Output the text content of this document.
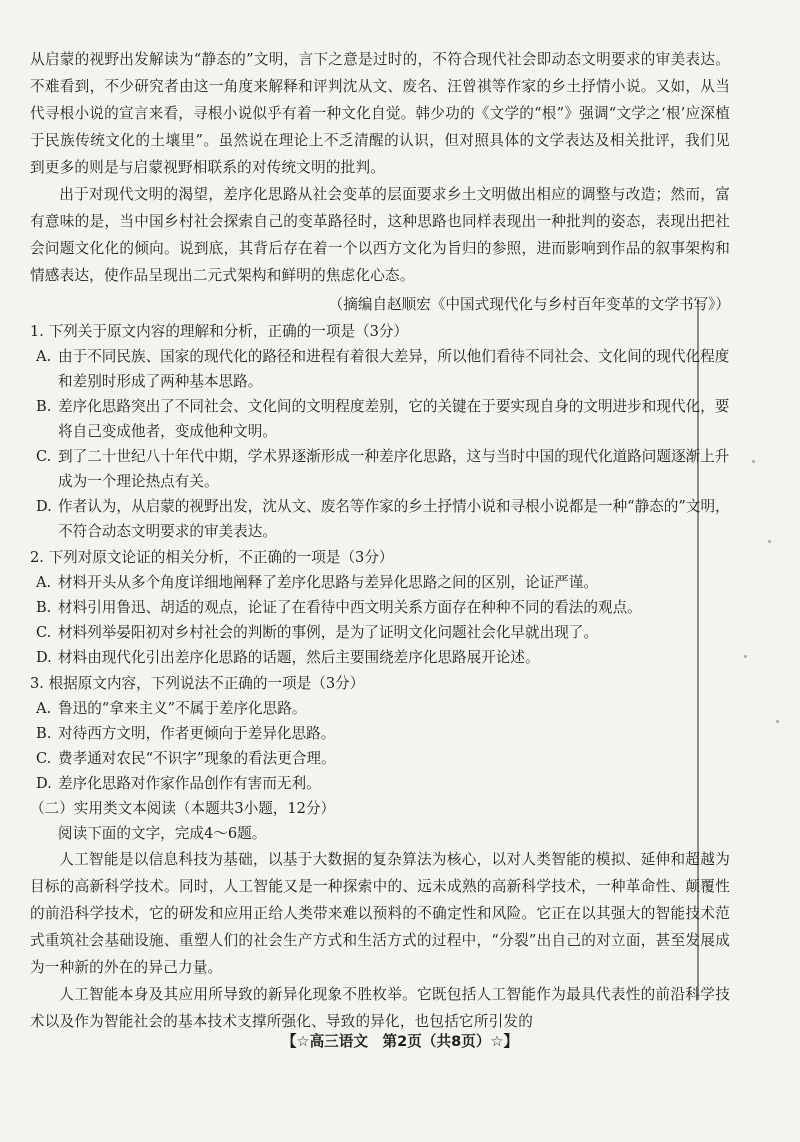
从启蒙的视野出发解读为“静态的”文明，言下之意是过时的，不符合现代社会即动态文明要求的审美表达。不难看到，不少研究者由这一角度来解释和评判沈从文、废名、汪曾祺等作家的乡土抒情小说。又如，从当代寻根小说的宣言来看，寻根小说似乎有着一种文化自觉。韩少功的《文学的“根”》强调“文学之‘根’应深植于民族传统文化的土壤里”。虽然说在理论上不乏清醒的认识，但对照具体的文学表达及相关批评，我们见到更多的则是与启蒙视野相联系的对传统文明的批判。

出于对现代文明的渴望，差序化思路从社会变革的层面要求乡土文明做出相应的调整与改造；然而，富有意味的是，当中国乡村社会探索自己的变革路径时，这种思路也同样表现出一种批判的姿态，表现出把社会问题文化化的倾向。说到底，其背后存在着一个以西方文化为旨归的参照，进而影响到作品的叙事架构和情感表达，使作品呈现出二元式架构和鲜明的焦虑化心态。

（摘编自赵顺宏《中国式现代化与乡村百年变革的文学书写》）

1. 下列关于原文内容的理解和分析，正确的一项是（3分）

A. 由于不同民族、国家的现代化的路径和进程有着很大差异，所以他们看待不同社会、文化间的现代化程度和差别时形成了两种基本思路。

B. 差序化思路突出了不同社会、文化间的文明程度差别，它的关键在于要实现自身的文明进步和现代化，要将自己变成他者，变成他种文明。

C. 到了二十世纪八十年代中期，学术界逐渐形成一种差序化思路，这与当时中国的现代化道路问题逐渐上升成为一个理论热点有关。

D. 作者认为，从启蒙的视野出发，沈从文、废名等作家的乡土抒情小说和寻根小说都是一种“静态的”文明，不符合动态文明要求的审美表达。

2. 下列对原文论证的相关分析，不正确的一项是（3分）

A. 材料开头从多个角度详细地阐释了差序化思路与差异化思路之间的区别，论证严谨。

B. 材料引用鲁迅、胡适的观点，论证了在看待中西文明关系方面存在种种不同的看法的观点。

C. 材料列举晏阳初对乡村社会的判断的事例，是为了证明文化问题社会化早就出现了。

D. 材料由现代化引出差序化思路的话题，然后主要围绕差序化思路展开论述。

3. 根据原文内容，下列说法不正确的一项是（3分）

A. 鲁迅的“拿来主义”不属于差序化思路。

B. 对待西方文明，作者更倾向于差异化思路。

C. 费孝通对农民“不识字”现象的看法更合理。

D. 差序化思路对作家作品创作有害而无利。

（二）实用类文本阅读（本题共3小题，12分）

阅读下面的文字，完成4～6题。

人工智能是以信息科技为基础，以基于大数据的复杂算法为核心，以对人类智能的模拟、延伸和超越为目标的高新科学技术。同时，人工智能又是一种探索中的、远未成熟的高新科学技术，一种革命性、颠覆性的前沿科学技术，它的研发和应用正给人类带来难以预料的不确定性和风险。它正在以其强大的智能技术范式重筑社会基础设施、重塑人们的社会生产方式和生活方式的过程中，“分裂”出自己的对立面，甚至发展成为一种新的外在的异己力量。

人工智能本身及其应用所导致的新异化现象不胜枚举。它既包括人工智能作为最具代表性的前沿科学技术以及作为智能社会的基本技术支撑所强化、导致的异化，也包括它所引发的

【☆高三语文　第2页（共8页）☆】
